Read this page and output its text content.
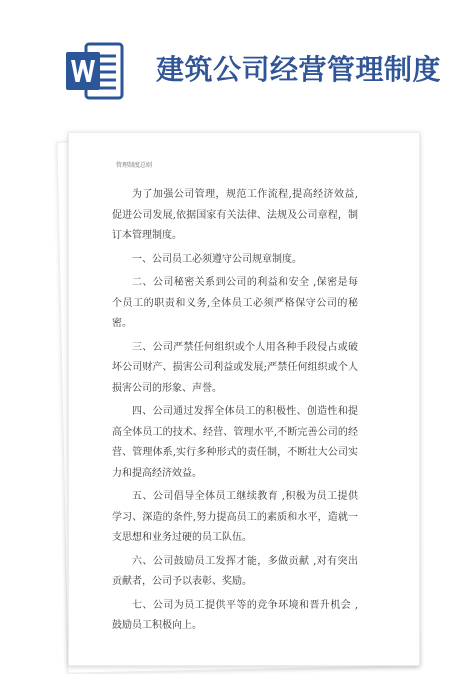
建筑公司经营管理制度
管理制度总则

为了加强公司管理，规范工作流程,提高经济效益,促进公司发展,依据国家有关法律、法规及公司章程，制订本管理制度。

一、公司员工必须遵守公司规章制度。

二、公司秘密关系到公司的利益和安全 ,保密是每个员工的职责和义务,全体员工必须严格保守公司的秘密。

三、公司严禁任何组织或个人用各种手段侵占或破坏公司财产、损害公司利益或发展;严禁任何组织或个人损害公司的形象、声誉。

四、公司通过发挥全体员工的积极性、创造性和提高全体员工的技术、经营、管理水平,不断完善公司的经营、管理体系,实行多种形式的责任制，不断壮大公司实力和提高经济效益。

五、公司倡导全体员工继续教育 ,积极为员工提供学习、深造的条件,努力提高员工的素质和水平，造就一支思想和业务过硬的员工队伍。

六、公司鼓励员工发挥才能，多做贡献 ,对有突出贡献者，公司予以表彰、奖励。

七、公司为员工提供平等的竞争环境和晋升机会 ,鼓励员工积极向上。
